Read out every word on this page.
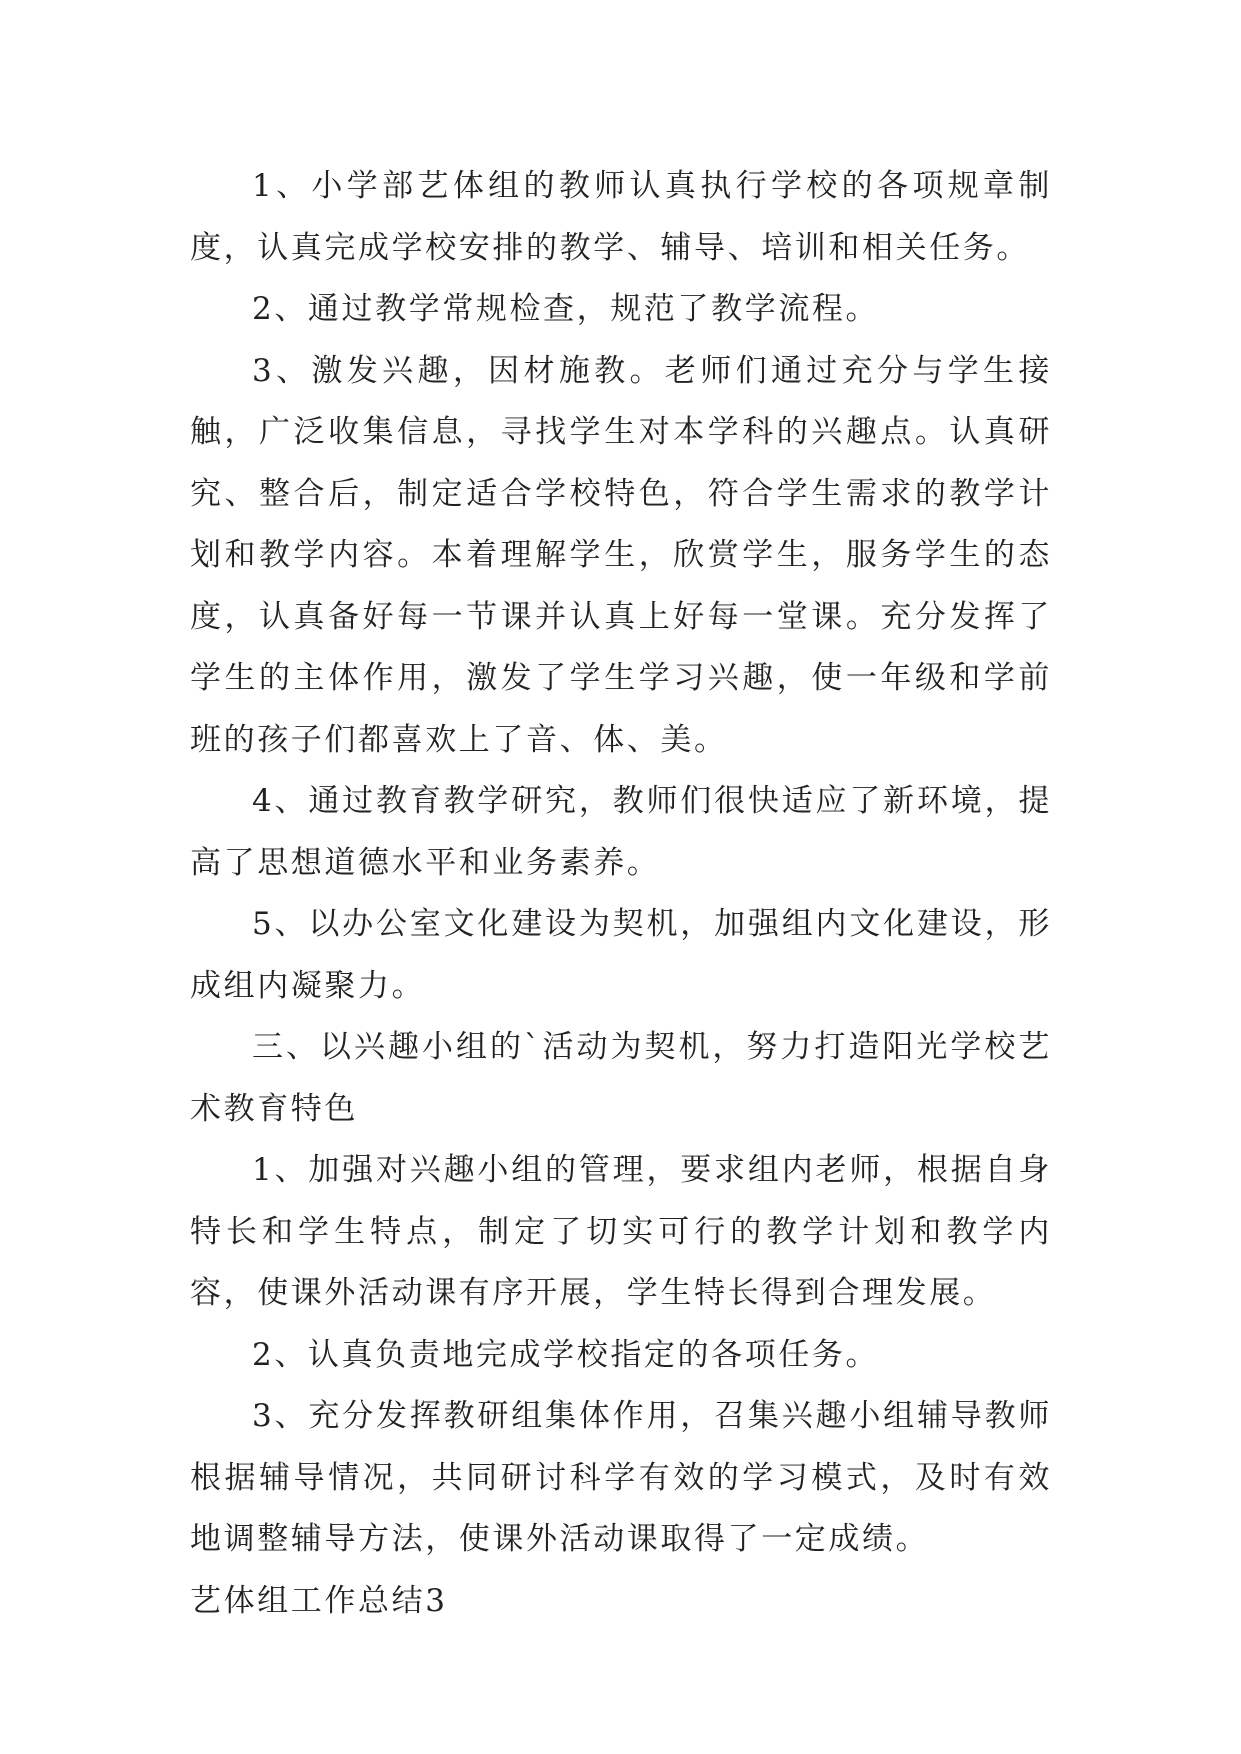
1、小学部艺体组的教师认真执行学校的各项规章制度，认真完成学校安排的教学、辅导、培训和相关任务。

2、通过教学常规检查，规范了教学流程。

3、激发兴趣，因材施教。老师们通过充分与学生接触，广泛收集信息，寻找学生对本学科的兴趣点。认真研究、整合后，制定适合学校特色，符合学生需求的教学计划和教学内容。本着理解学生，欣赏学生，服务学生的态度，认真备好每一节课并认真上好每一堂课。充分发挥了学生的主体作用，激发了学生学习兴趣，使一年级和学前班的孩子们都喜欢上了音、体、美。

4、通过教育教学研究，教师们很快适应了新环境，提高了思想道德水平和业务素养。

5、以办公室文化建设为契机，加强组内文化建设，形成组内凝聚力。

三、以兴趣小组的`活动为契机，努力打造阳光学校艺术教育特色

1、加强对兴趣小组的管理，要求组内老师，根据自身特长和学生特点，制定了切实可行的教学计划和教学内容，使课外活动课有序开展，学生特长得到合理发展。

2、认真负责地完成学校指定的各项任务。

3、充分发挥教研组集体作用，召集兴趣小组辅导教师根据辅导情况，共同研讨科学有效的学习模式，及时有效地调整辅导方法，使课外活动课取得了一定成绩。

艺体组工作总结3
